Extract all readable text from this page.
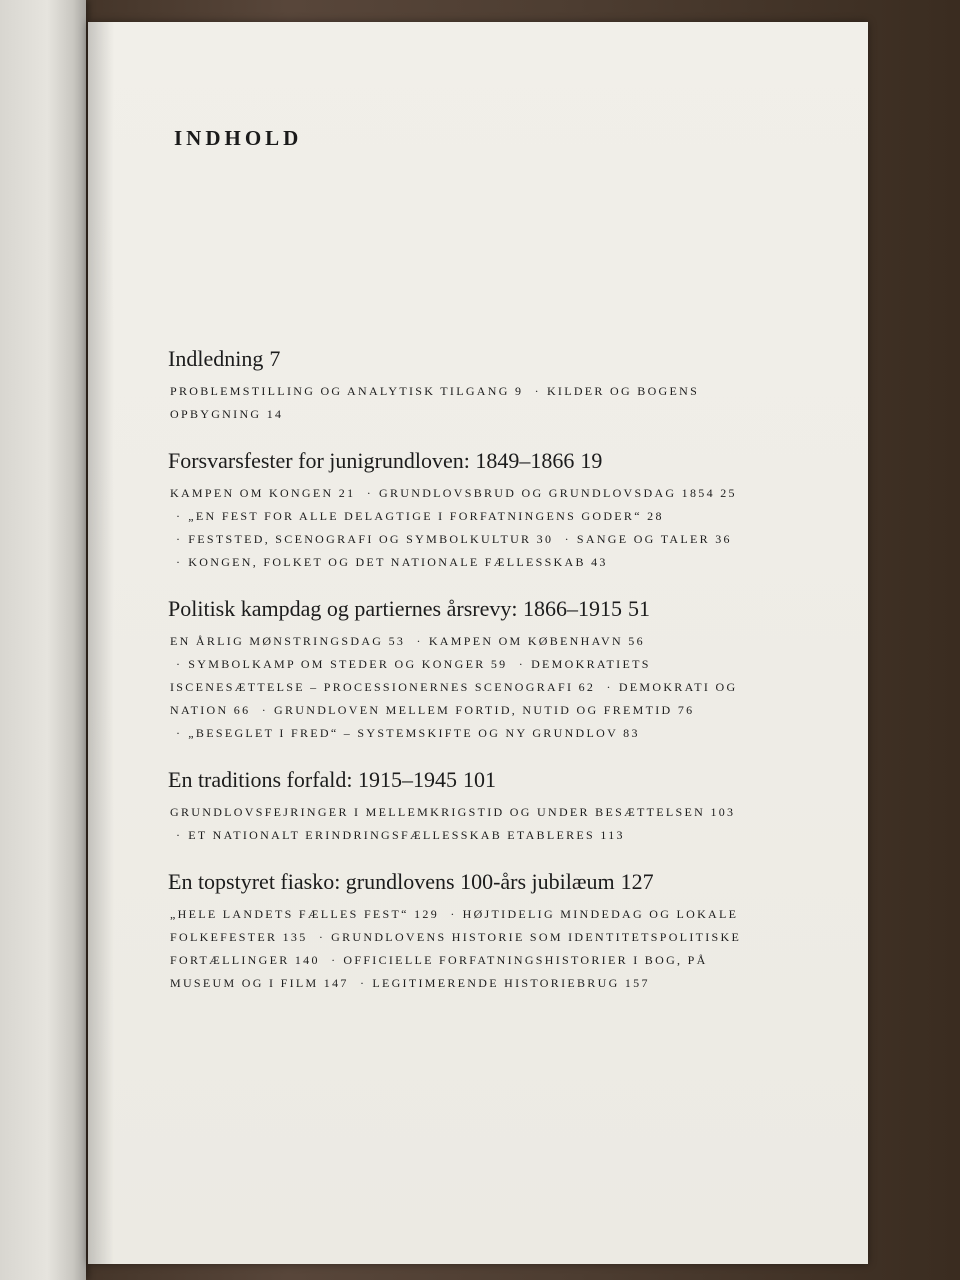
INDHOLD
Indledning 7
PROBLEMSTILLING OG ANALYTISK TILGANG 9 · KILDER OG BOGENS OPBYGNING 14
Forsvarsfester for junigrundloven: 1849–1866 19
KAMPEN OM KONGEN 21 · GRUNDLOVSBRUD OG GRUNDLOVSDAG 1854 25 · „EN FEST FOR ALLE DELAGTIGE I FORFATNINGENS GODER“ 28 · FESTSTED, SCENOGRAFI OG SYMBOLKULTUR 30 · SANGE OG TALER 36 · KONGEN, FOLKET OG DET NATIONALE FÆLLESSKAB 43
Politisk kampdag og partiernes årsrevy: 1866–1915 51
EN ÅRLIG MØNSTRINGSDAG 53 · KAMPEN OM KØBENHAVN 56 · SYMBOLKAMP OM STEDER OG KONGER 59 · DEMOKRATIETS ISCENESÆTTELSE – PROCESSIONERNES SCENOGRAFI 62 · DEMOKRATI OG NATION 66 · GRUNDLOVEN MELLEM FORTID, NUTID OG FREMTID 76 · „BESEGLET I FRED“ – SYSTEMSKIFTE OG NY GRUNDLOV 83
En traditions forfald: 1915–1945 101
GRUNDLOVSFEJRINGER I MELLEMKRIGSTID OG UNDER BESÆTTELSEN 103 · ET NATIONALT ERINDRINGSFÆLLESSKAB ETABLERES 113
En topstyret fiasko: grundlovens 100-års jubilæum 127
„HELE LANDETS FÆLLES FEST“ 129 · HØJTIDELIG MINDEDAG OG LOKALE FOLKEFESTER 135 · GRUNDLOVENS HISTORIE SOM IDENTITETSPOLITISKE FORTÆLLINGER 140 · OFFICIELLE FORFATNINGSHISTORIER I BOG, PÅ MUSEUM OG I FILM 147 · LEGITIMERENDE HISTORIEBRUG 157
